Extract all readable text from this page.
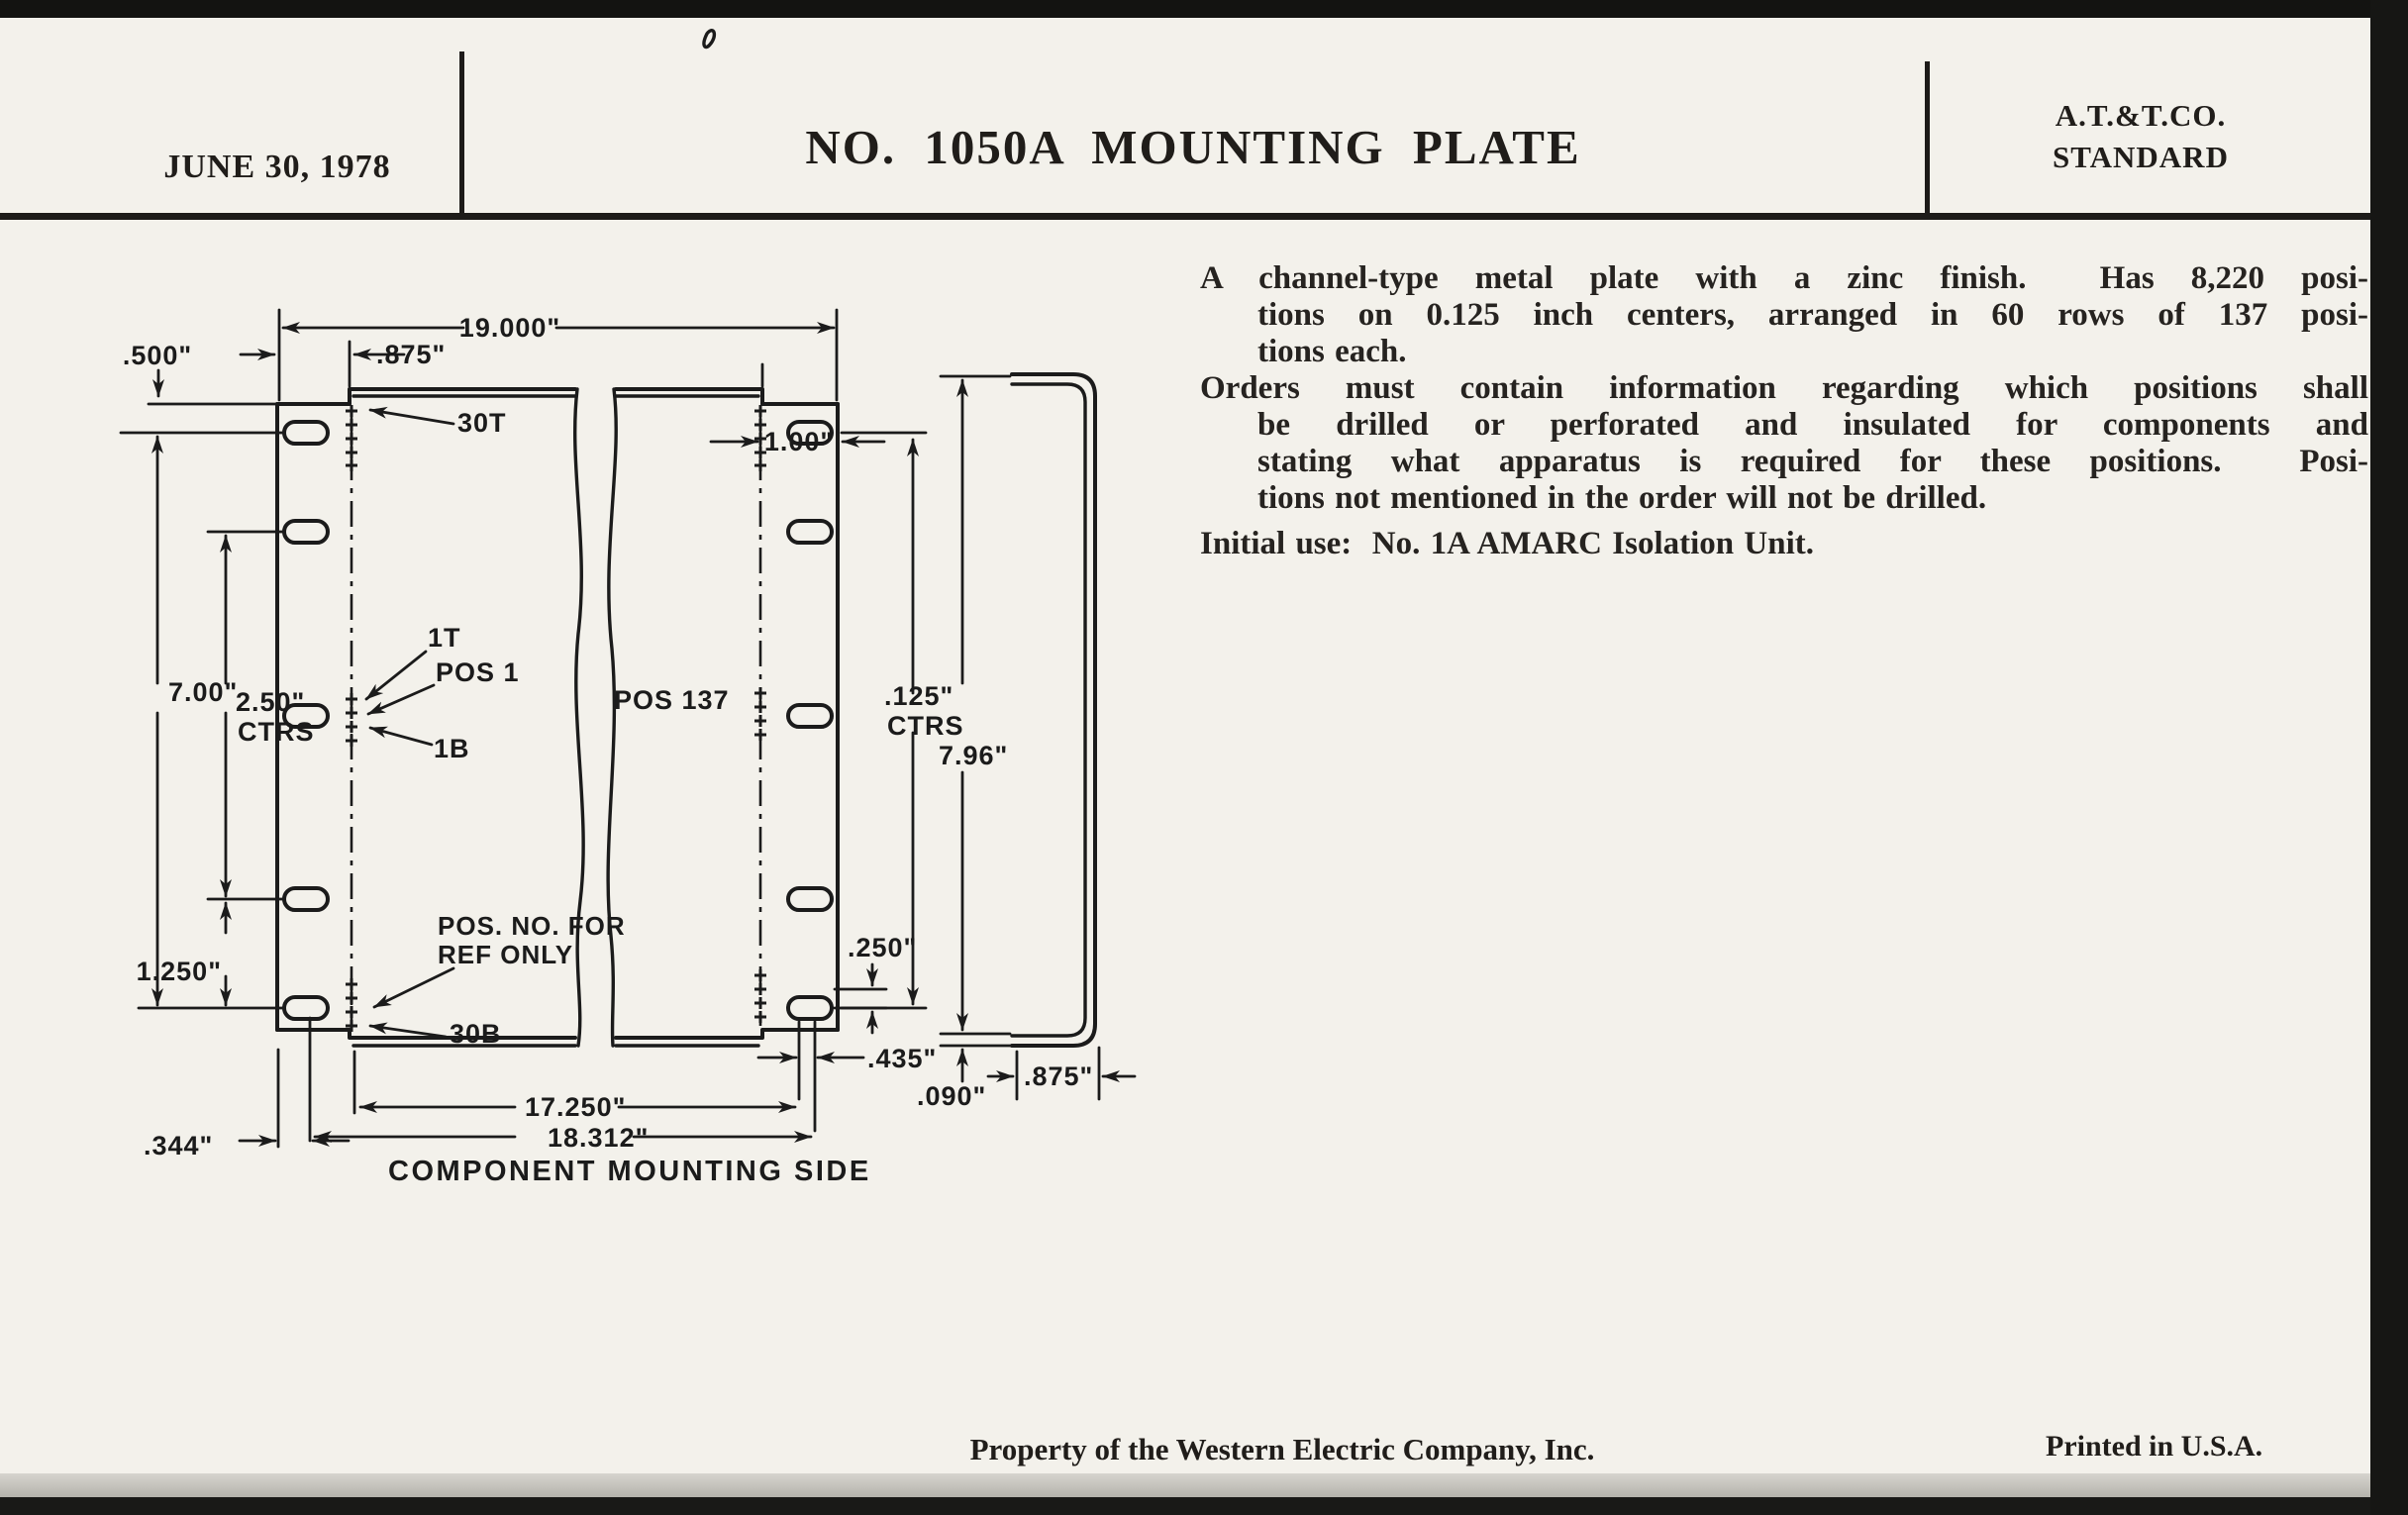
JUNE 30, 1978	NO. 1050A MOUNTING PLATE
A.T.&T.CO.
STANDARD
A channel-type metal plate with a zinc finish.  Has 8,220 posi-
tions on 0.125 inch centers, arranged in 60 rows of 137 posi-
tions each.
Orders must contain information regarding which positions shall
be drilled or perforated and insulated for components and
stating what apparatus is required for these positions.  Posi-
tions not mentioned in the order will not be drilled.
Initial use:  No. 1A AMARC Isolation Unit.
19.000"
.500"	.875"
1.00"
30T
1T
POS 1
1B
7.00"
2.50"
CTRS
POS 137	.125"
CTRS
7.96"
1.250"
POS. NO. FOR
REF ONLY
30B
.250"
17.250"
18.312"
.344"
.435"
.090"
.875"
COMPONENT MOUNTING SIDE
Property of the Western Electric Company, Inc.	Printed in U.S.A.
